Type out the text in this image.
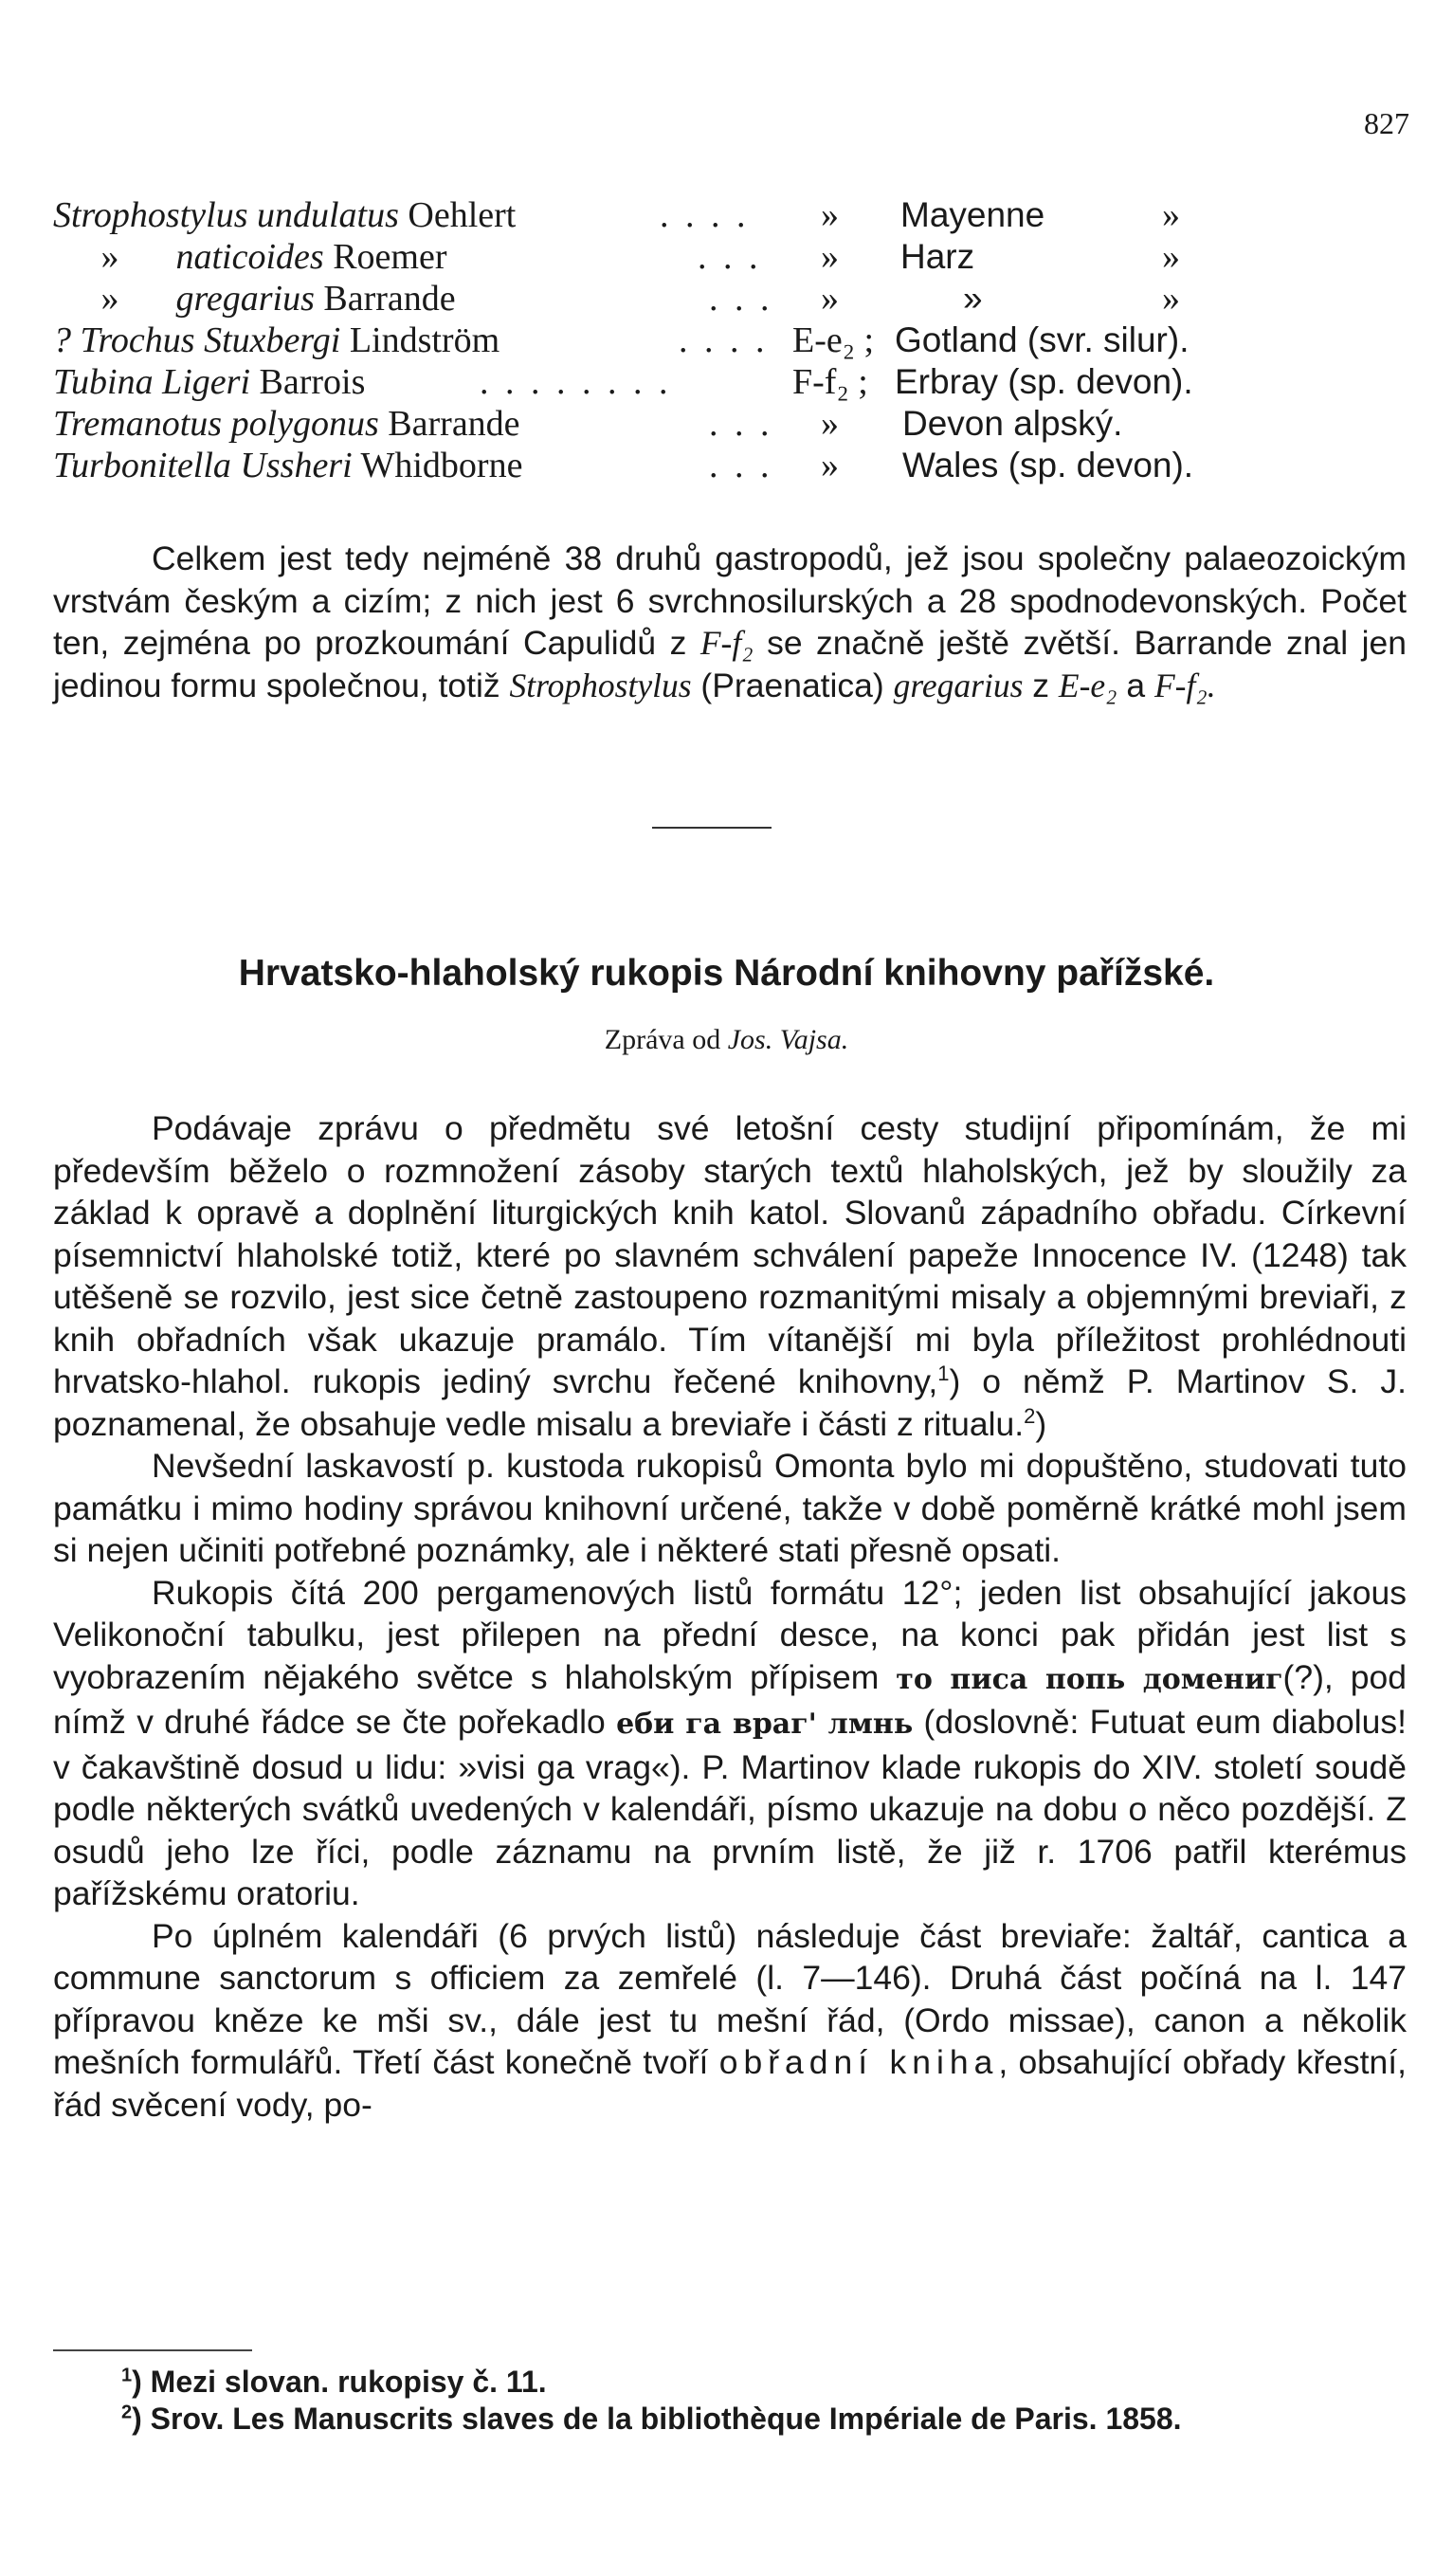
827
Strophostylus undulatus Oehlert	. . . . » Mayenne	»
» naticoides Roemer	. . . » Harz	»
» gregarius Barrande	. . . »	»	»
? Trochus Stuxbergi Lindström	. . . . E-e₂ ; Gotland (svr. silur).
Tubina Ligeri Barrois	. . . . . . . .	F-f₂ ; Erbray (sp. devon).
Tremanotus polygonus Barrande	. . . » Devon alpský.
Turbonitella Ussheri Whidborne	. . . » Wales (sp. devon).
Celkem jest tedy nejméně 38 druhů gastropodů, jež jsou společny palaeozoickým vrstvám českým a cizím; z nich jest 6 svrchnosilurských a 28 spodnodevonských. Počet ten, zejména po prozkoumání Capulidů z F-f₂ se značně ještě zvětší. Barrande znal jen jedinou formu společnou, totiž Strophostylus (Praenatica) gregarius z E-e₂ a F-f₂.
Hrvatsko-hlaholský rukopis Národní knihovny pařížské.
Zpráva od Jos. Vajsa.
Podávaje zprávu o předmětu své letošní cesty studijní připomínám, že mi především běželo o rozmnožení zásoby starých textů hlaholských, jež by sloužily za základ k opravě a doplnění liturgických knih katol. Slovanů západního obřadu. Církevní písemnictví hlaholské totiž, které po slavném schválení papeže Innocence IV. (1248) tak utěšeně se rozvilo, jest sice četně zastoupeno rozmanitými misaly a objemnými breviaři, z knih obřadních však ukazuje pramálo. Tím vítanější mi byla příležitost prohlédnouti hrvatsko-hlahol. rukopis jediný svrchu řečené knihovny,$^1$) o němž P. Martinov S. J. poznamenal, že obsahuje vedle misalu a breviaře i části z ritualu.$^2$)
Nevšední laskavostí p. kustoda rukopisů Omonta bylo mi dopuštěno, studovati tuto památku i mimo hodiny správou knihovní určené, takže v době poměrně krátké mohl jsem si nejen učiniti potřebné poznámky, ale i některé stati přesně opsati.
Rukopis čítá 200 pergamenových listů formátu 12°; jeden list obsahující jakous Velikonoční tabulku, jest přilepen na přední desce, na konci pak přidán jest list s vyobrazením nějakého světce s hlaholským přípisem то писа попь домениг(?), pod nímž v druhé řádce se čte pořekadlo еби га враг' лмнь (doslovně: Futuat eum diabolus! v čakavštině dosud u lidu: »visi ga vrag«). P. Martinov klade rukopis do XIV. století soudě podle některých svátků uvedených v kalendáři, písmo ukazuje na dobu o něco pozdější. Z osudů jeho lze říci, podle záznamu na prvním listě, že již r. 1706 patřil kterémus pařížskému oratoriu.
Po úplném kalendáři (6 prvých listů) následuje část breviaře: žaltář, cantica a commune sanctorum s officiem za zemřelé (l. 7—146). Druhá část počíná na l. 147 přípravou kněze ke mši sv., dále jest tu mešní řád, (Ordo missae), canon a několik mešních formulářů. Třetí část konečně tvoří obřadní kniha, obsahující obřady křestní, řád svěcení vody, po-
$^1$) Mezi slovan. rukopisy č. 11.
$^2$) Srov. Les Manuscrits slaves de la bibliothèque Impériale de Paris. 1858.
